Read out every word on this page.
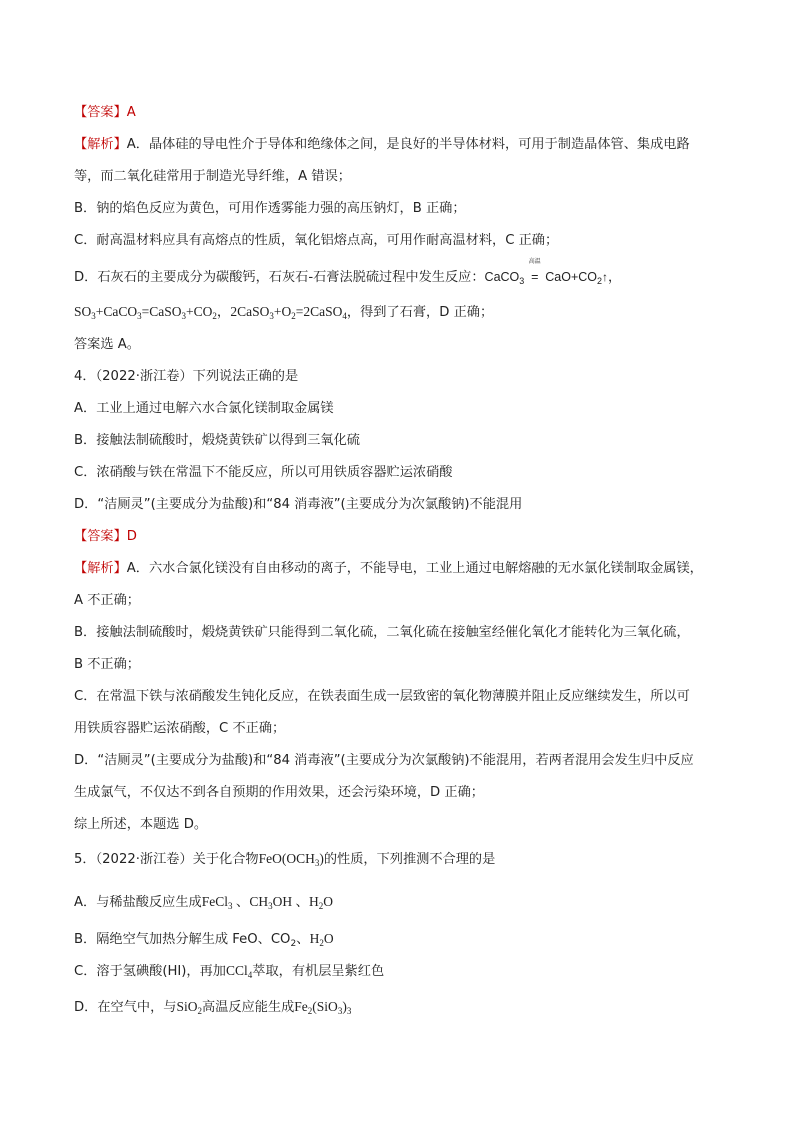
【答案】A
【解析】A．晶体硅的导电性介于导体和绝缘体之间，是良好的半导体材料，可用于制造晶体管、集成电路
等，而二氧化硅常用于制造光导纤维，A 错误；
B．钠的焰色反应为黄色，可用作透雾能力强的高压钠灯，B 正确；
C．耐高温材料应具有高熔点的性质，氧化铝熔点高，可用作耐高温材料，C 正确；
D．石灰石的主要成分为碳酸钙，石灰石-石膏法脱硫过程中发生反应：CaCO$_3$
高温
= $CaO+CO_2↑$，
$SO_3+CaCO_3=CaSO_3+CO_2$，$2CaSO_3+O_2=2CaSO_4$，得到了石膏，D 正确；
答案选 A。
4．（2022·浙江卷）下列说法正确的是
A．工业上通过电解六水合氯化镁制取金属镁
B．接触法制硫酸时，煅烧黄铁矿以得到三氧化硫
C．浓硝酸与铁在常温下不能反应，所以可用铁质容器贮运浓硝酸
D．“洁厕灵”(主要成分为盐酸)和“84 消毒液”(主要成分为次氯酸钠)不能混用
【答案】D
【解析】A．六水合氯化镁没有自由移动的离子，不能导电，工业上通过电解熔融的无水氯化镁制取金属镁，
A 不正确；
B．接触法制硫酸时，煅烧黄铁矿只能得到二氧化硫，二氧化硫在接触室经催化氧化才能转化为三氧化硫，
B 不正确；
C．在常温下铁与浓硝酸发生钝化反应，在铁表面生成一层致密的氧化物薄膜并阻止反应继续发生，所以可
用铁质容器贮运浓硝酸，C 不正确；
D．“洁厕灵”(主要成分为盐酸)和“84 消毒液”(主要成分为次氯酸钠)不能混用，若两者混用会发生归中反应
生成氯气，不仅达不到各自预期的作用效果，还会污染环境，D 正确；
综上所述，本题选 D。
5．（2022·浙江卷）关于化合物$FeO(OCH_3)$的性质，下列推测不合理的是
A．与稀盐酸反应生成FeCl$_3$ 、$CH_3OH$ 、$H_2O$
B．隔绝空气加热分解生成 FeO、$CO_2$、$H_2O$
C．溶于氢碘酸(HI)，再加CCl$_4$萃取，有机层呈紫红色
D．在空气中，与SiO$_2$高温反应能生成$Fe_2(SiO_3)_3$
